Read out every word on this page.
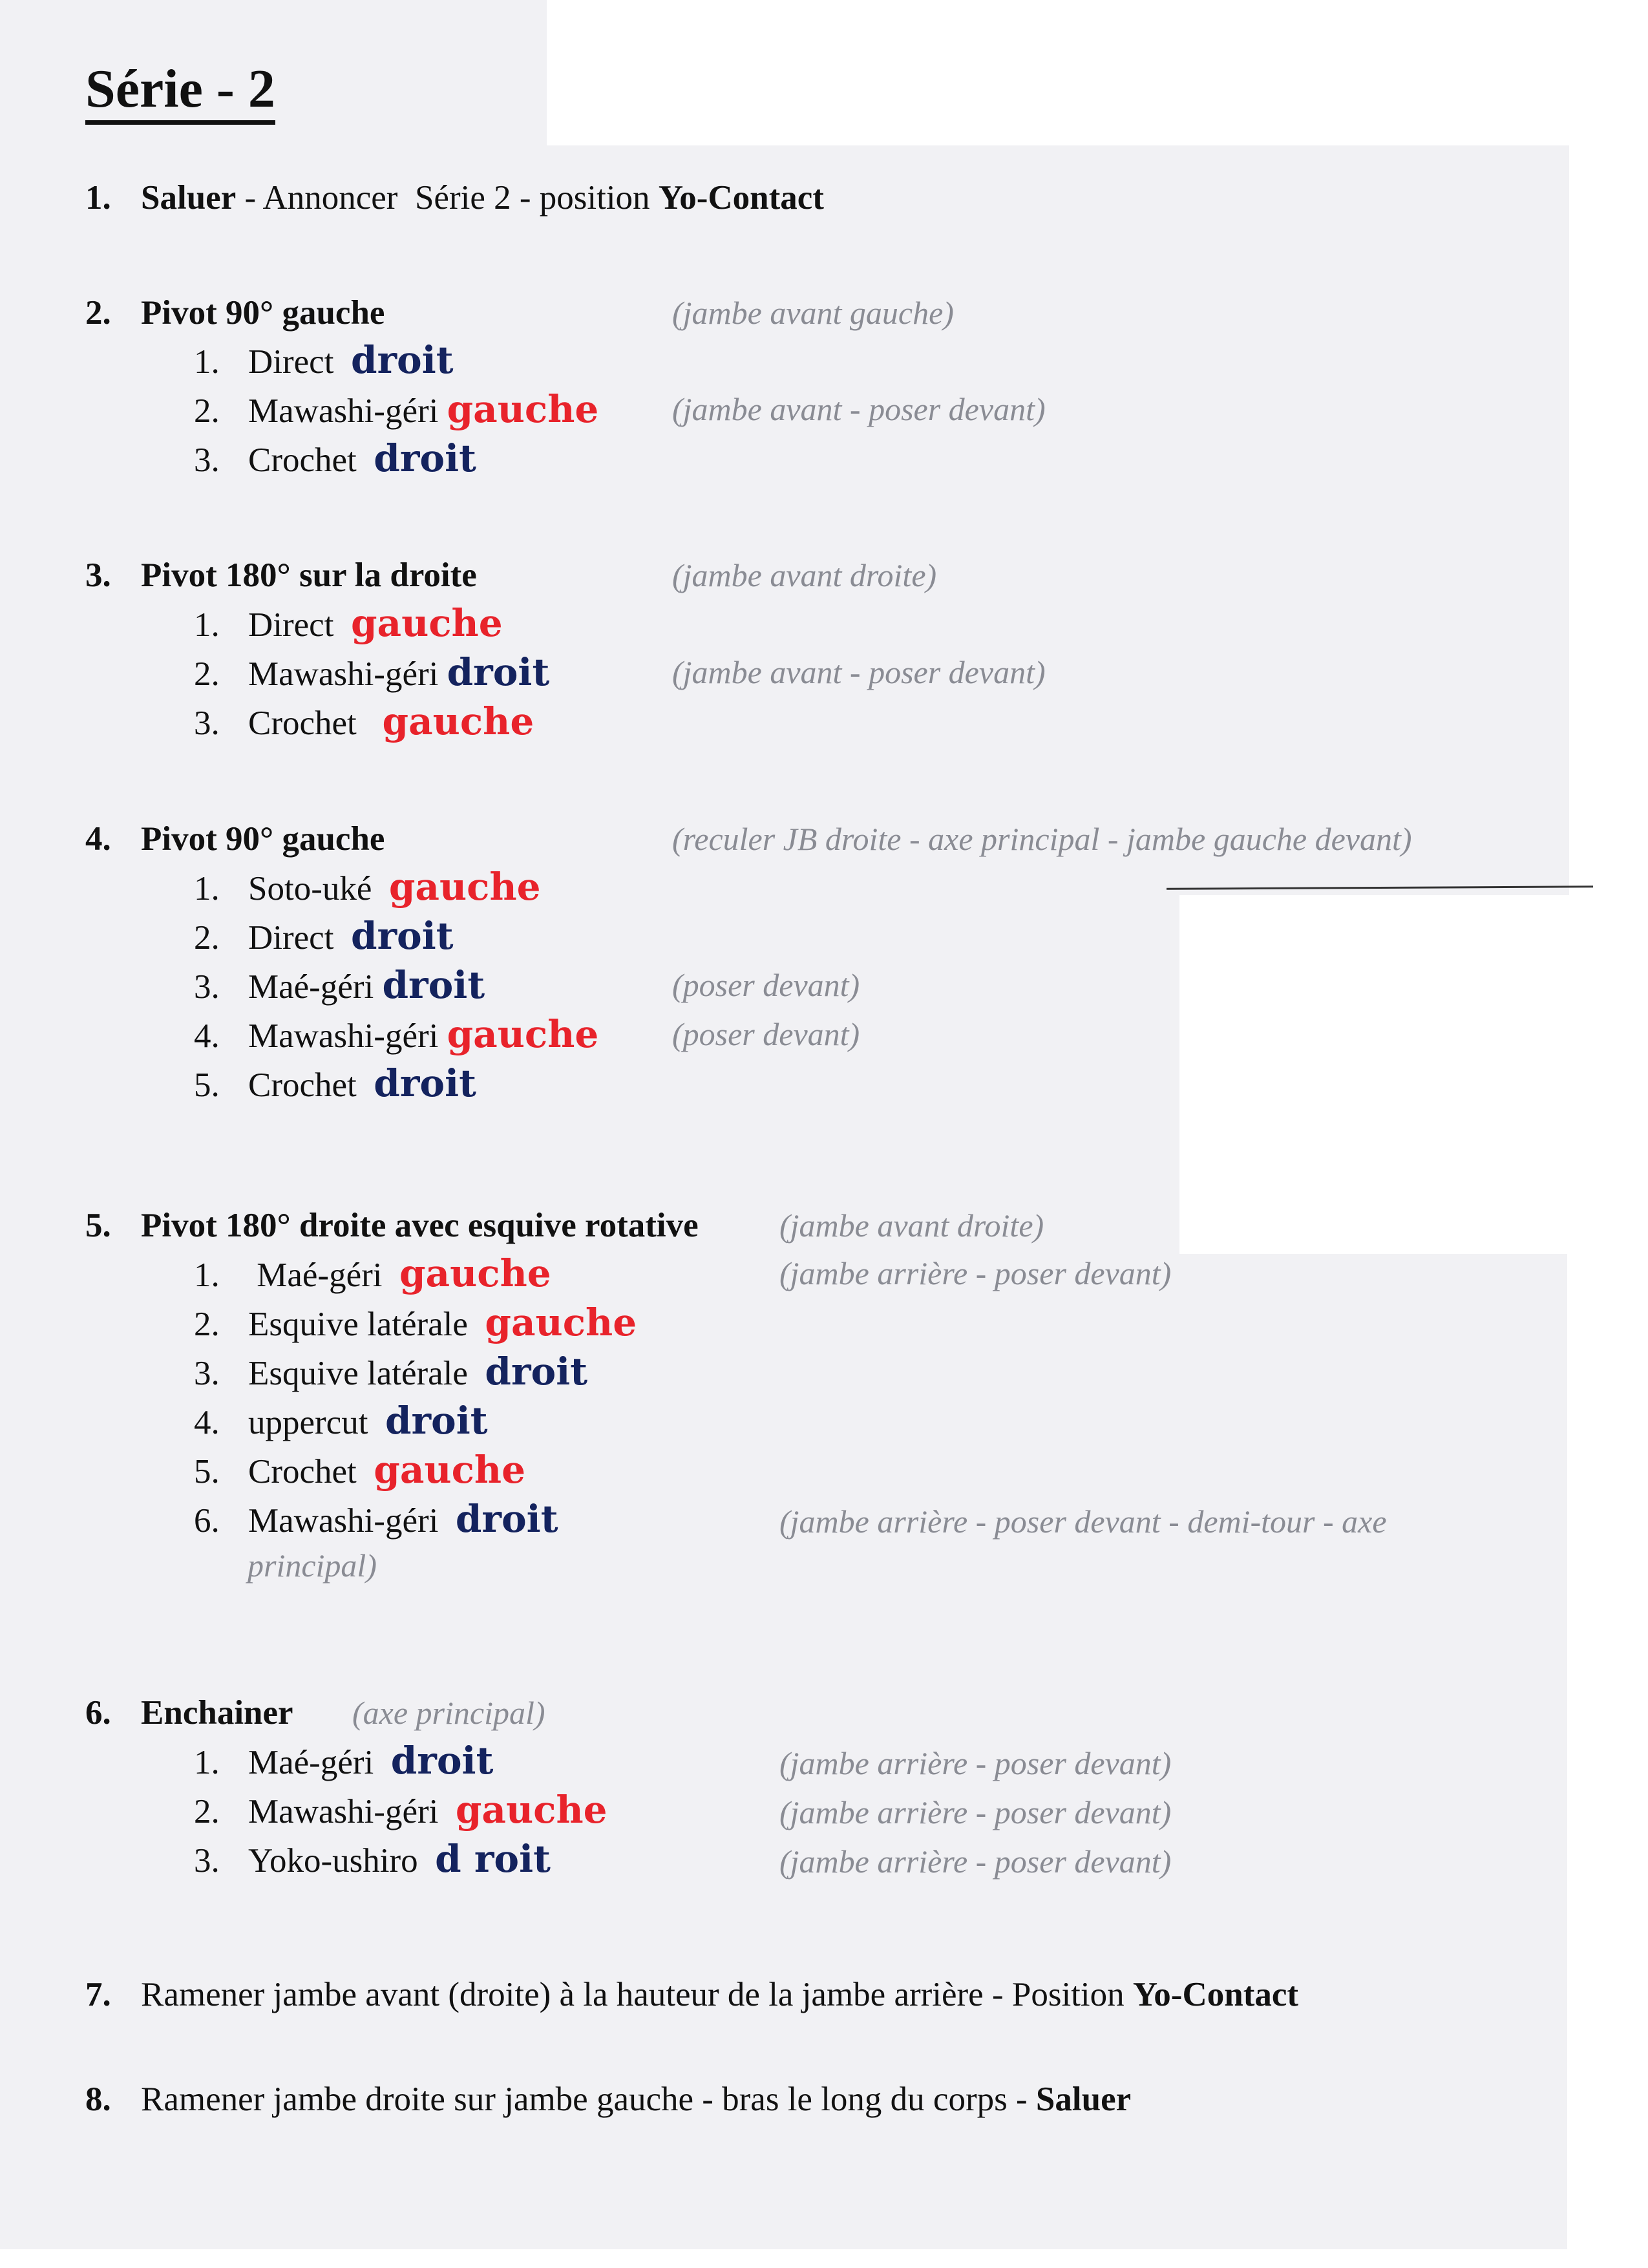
Série - 2
1. Saluer - Annoncer  Série 2 - position Yo-Contact
2. Pivot 90° gauche	(jambe avant gauche)
1. Direct droit
2. Mawashi-géri gauche (jambe avant - poser devant)
3. Crochet droit
3. Pivot 180° sur la droite	(jambe avant droite)
1. Direct gauche
2. Mawashi-géri droit	(jambe avant - poser devant)
3. Crochet gauche
4. Pivot 90° gauche	(reculer JB droite - axe principal - jambe gauche devant)
1. Soto-uké gauche
2. Direct droit
3. Maé-géri droit	(poser devant)
4. Mawashi-géri gauche (poser devant)
5. Crochet droit
5. Pivot 180° droite avec esquive rotative	(jambe avant droite)
1. Maé-géri gauche	(jambe arrière - poser devant)
2. Esquive latérale gauche
3. Esquive latérale droit
4. uppercut droit
5. Crochet gauche
6. Mawashi-géri droit	(jambe arrière - poser devant - demi-tour - axe
principal)
6. Enchainer (axe principal)
1. Maé-géri droit	(jambe arrière - poser devant)
2. Mawashi-géri gauche	(jambe arrière - poser devant)
3. Yoko-ushiro d roit	(jambe arrière - poser devant)
7. Ramener jambe avant (droite) à la hauteur de la jambe arrière - Position Yo-Contact
8. Ramener jambe droite sur jambe gauche - bras le long du corps - Saluer
